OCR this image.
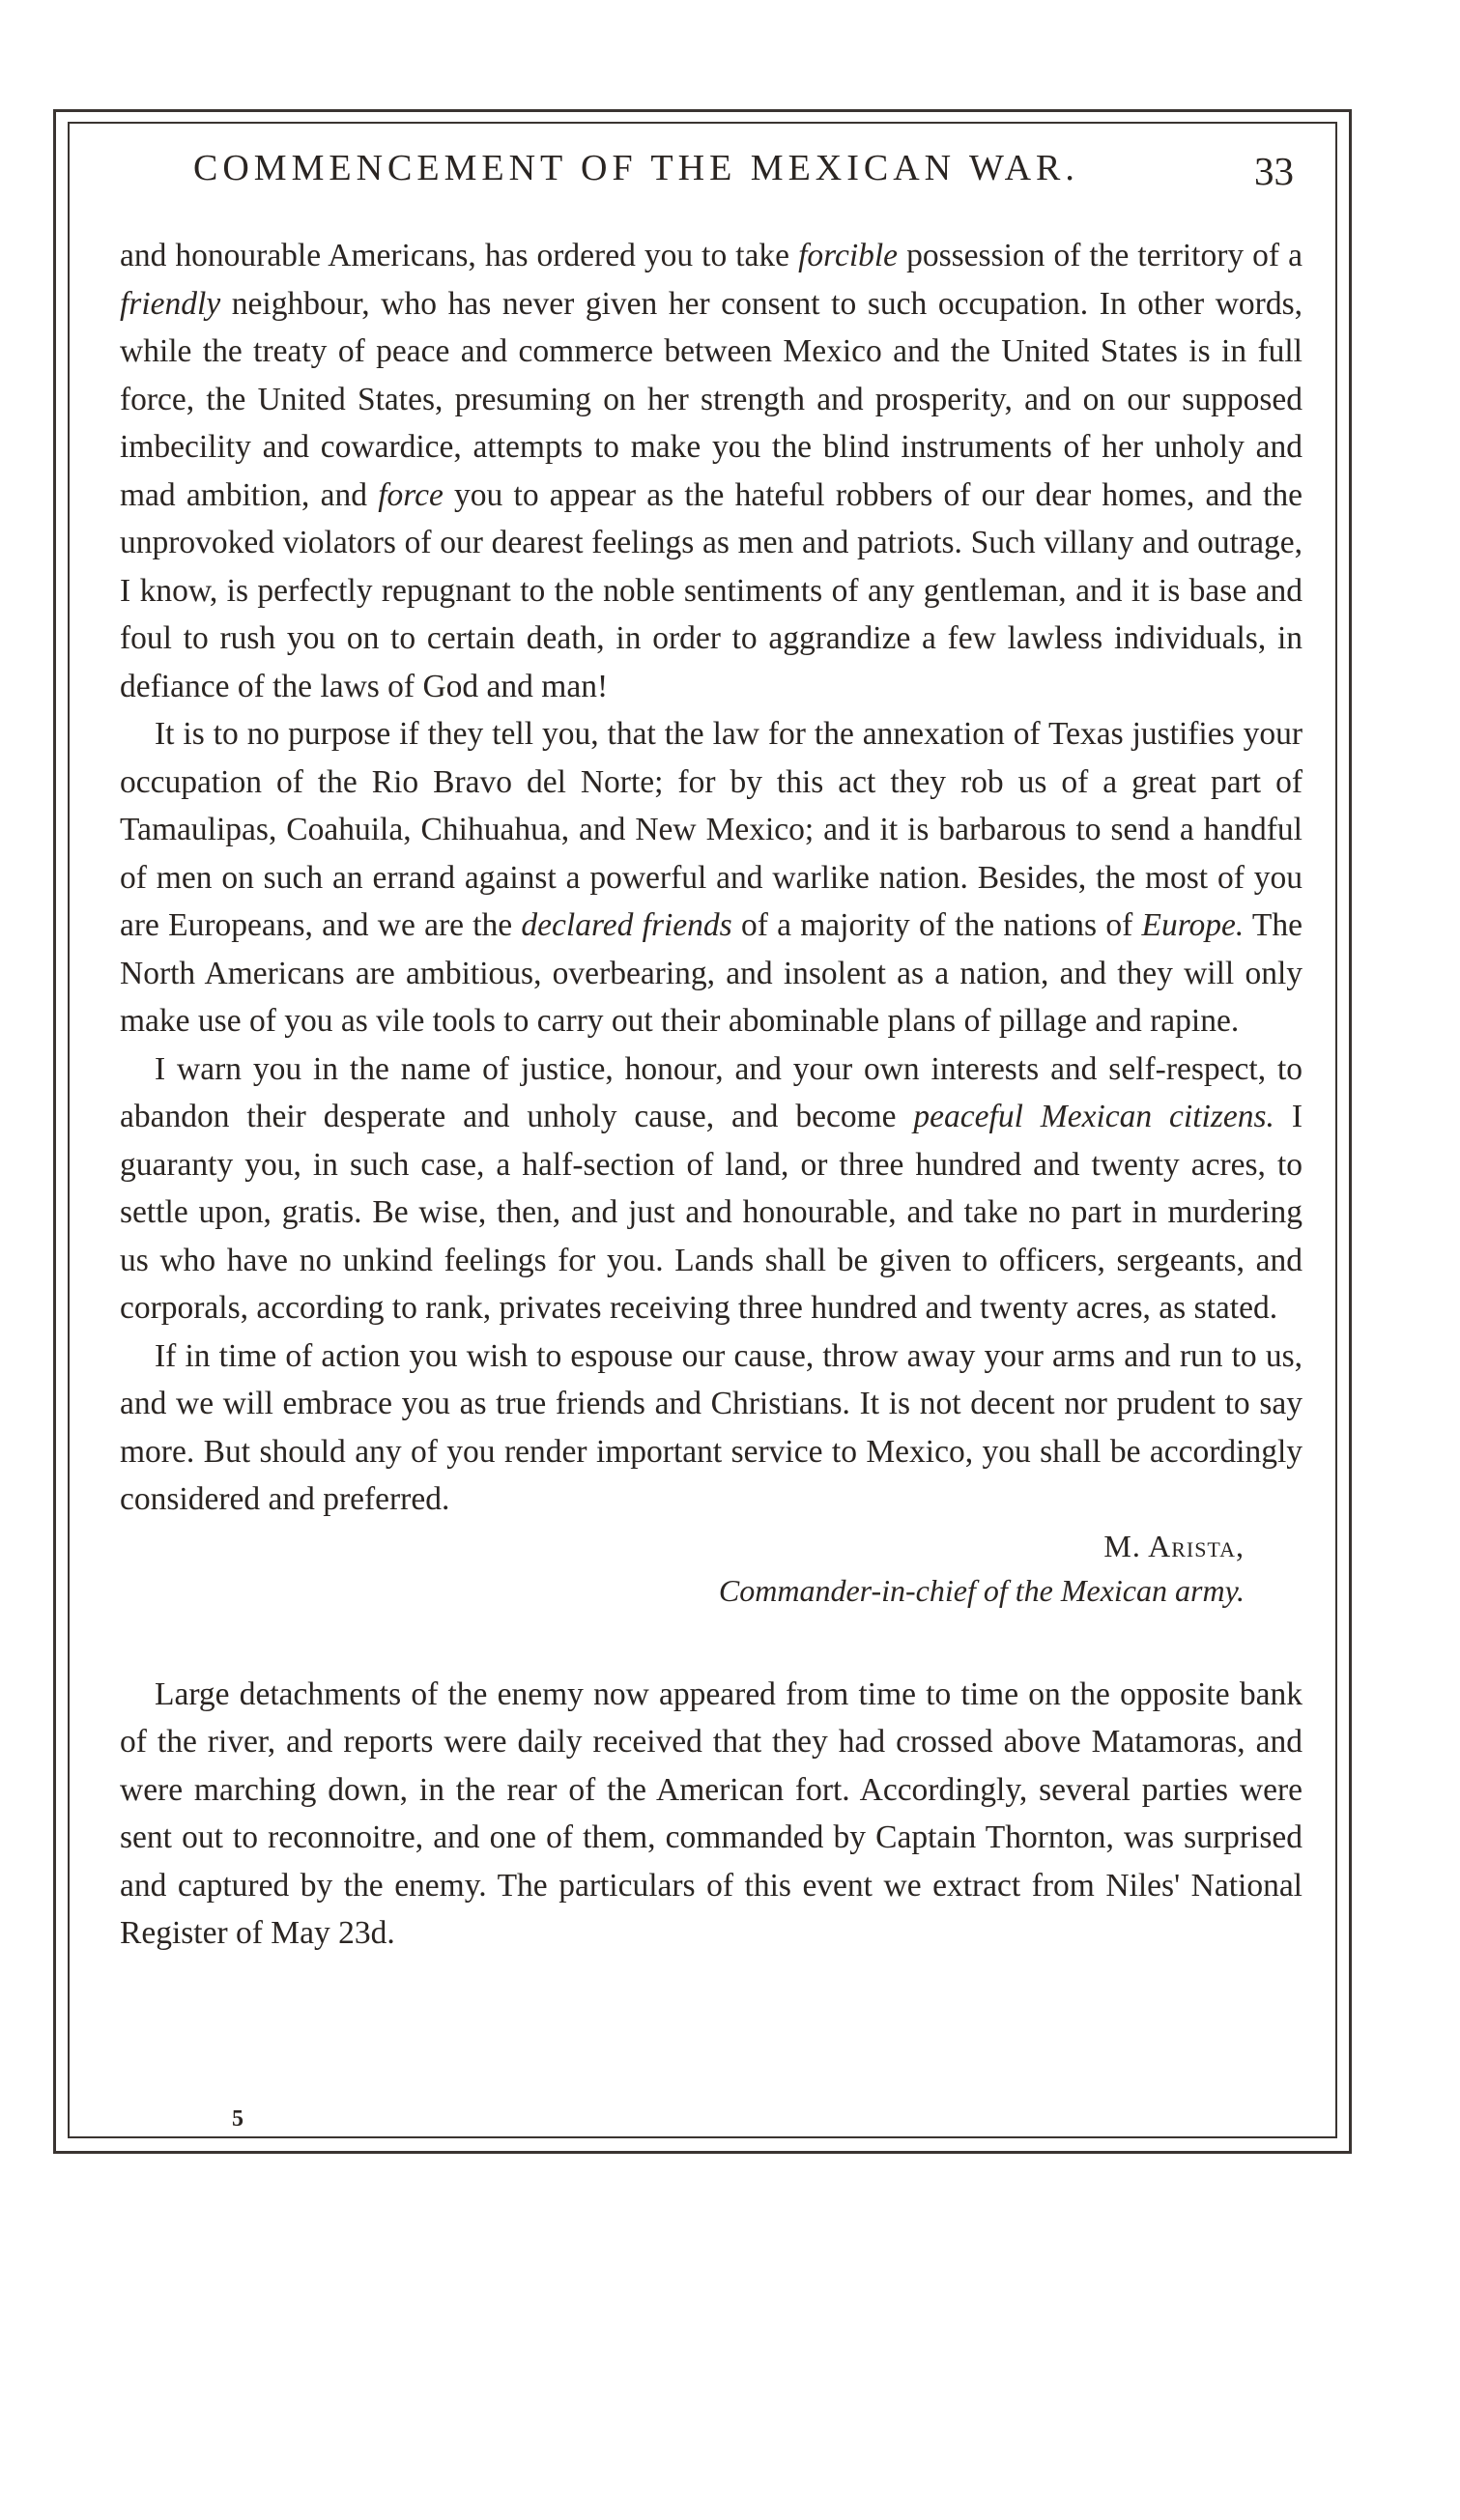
COMMENCEMENT OF THE MEXICAN WAR.	33

and honourable Americans, has ordered you to take forcible possession of the territory of a friendly neighbour, who has never given her consent to such occupation. In other words, while the treaty of peace and commerce between Mexico and the United States is in full force, the United States, presuming on her strength and prosperity, and on our supposed imbecility and cowardice, attempts to make you the blind instruments of her unholy and mad ambition, and force you to appear as the hateful robbers of our dear homes, and the unprovoked violators of our dearest feelings as men and patriots. Such villany and outrage, I know, is perfectly repugnant to the noble sentiments of any gentleman, and it is base and foul to rush you on to certain death, in order to aggrandize a few lawless individuals, in defiance of the laws of God and man!

It is to no purpose if they tell you, that the law for the annexation of Texas justifies your occupation of the Rio Bravo del Norte; for by this act they rob us of a great part of Tamaulipas, Coahuila, Chihuahua, and New Mexico; and it is barbarous to send a handful of men on such an errand against a powerful and warlike nation. Besides, the most of you are Europeans, and we are the declared friends of a majority of the nations of Europe. The North Americans are ambitious, overbearing, and insolent as a nation, and they will only make use of you as vile tools to carry out their abominable plans of pillage and rapine.

I warn you in the name of justice, honour, and your own interests and self-respect, to abandon their desperate and unholy cause, and become peaceful Mexican citizens. I guaranty you, in such case, a half-section of land, or three hundred and twenty acres, to settle upon, gratis. Be wise, then, and just and honourable, and take no part in murdering us who have no unkind feelings for you. Lands shall be given to officers, sergeants, and corporals, according to rank, privates receiving three hundred and twenty acres, as stated.

If in time of action you wish to espouse our cause, throw away your arms and run to us, and we will embrace you as true friends and Christians. It is not decent nor prudent to say more. But should any of you render important service to Mexico, you shall be accordingly considered and preferred.

M. Arista,
Commander-in-chief of the Mexican army.

Large detachments of the enemy now appeared from time to time on the opposite bank of the river, and reports were daily received that they had crossed above Matamoras, and were marching down, in the rear of the American fort. Accordingly, several parties were sent out to reconnoitre, and one of them, commanded by Captain Thornton, was surprised and captured by the enemy. The particulars of this event we extract from Niles' National Register of May 23d.

5
